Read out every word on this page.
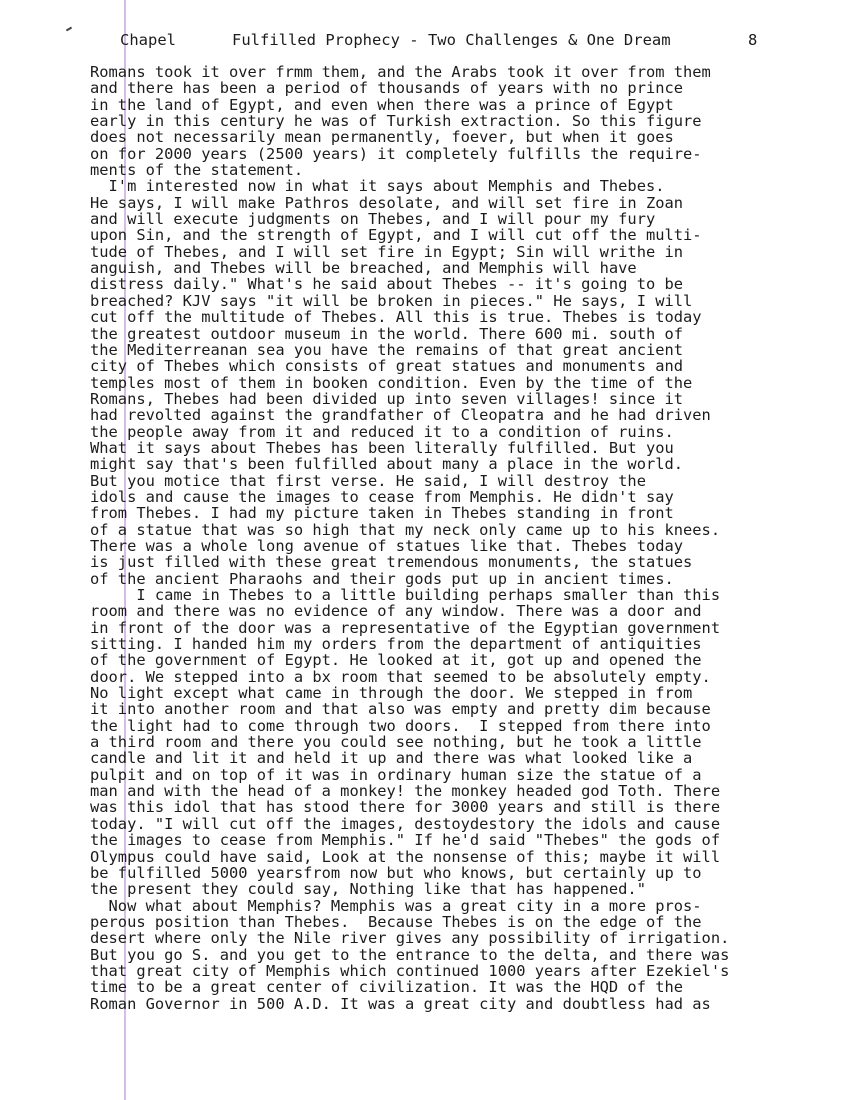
Chapel

	Fulfilled Prophecy - Two Challenges & One Dream

	8

Romans took it over frmm them, and the Arabs took it over from them
and there has been a period of thousands of years with no prince
in the land of Egypt, and even when there was a prince of Egypt
early in this century he was of Turkish extraction. So this figure
does not necessarily mean permanently, foever, but when it goes
on for 2000 years (2500 years) it completely fulfills the require-
ments of the statement.
I'm interested now in what it says about Memphis and Thebes.
He says, I will make Pathros desolate, and will set fire in Zoan
and will execute judgments on Thebes, and I will pour my fury
upon Sin, and the strength of Egypt, and I will cut off the multi-
tude of Thebes, and I will set fire in Egypt; Sin will writhe in
anguish, and Thebes will be breached, and Memphis will have
distress daily." What's he said about Thebes -- it's going to be
breached? KJV says "it will be broken in pieces." He says, I will
cut off the multitude of Thebes. All this is true. Thebes is today
the greatest outdoor museum in the world. There 600 mi. south of
the Mediterreanan sea you have the remains of that great ancient
city of Thebes which consists of great statues and monuments and
temples most of them in booken condition. Even by the time of the
Romans, Thebes had been divided up into seven villages! since it
had revolted against the grandfather of Cleopatra and he had driven
the people away from it and reduced it to a condition of ruins.
What it says about Thebes has been literally fulfilled. But you
might say that's been fulfilled about many a place in the world.
But you motice that first verse. He said, I will destroy the
idols and cause the images to cease from Memphis. He didn't say
from Thebes. I had my picture taken in Thebes standing in front
of a statue that was so high that my neck only came up to his knees.
There was a whole long avenue of statues like that. Thebes today
is just filled with these great tremendous monuments, the statues
of the ancient Pharaohs and their gods put up in ancient times.
I came in Thebes to a little building perhaps smaller than this
room and there was no evidence of any window. There was a door and
in front of the door was a representative of the Egyptian government
sitting. I handed him my orders from the department of antiquities
of the government of Egypt. He looked at it, got up and opened the
door. We stepped into a bx room that seemed to be absolutely empty.
No light except what came in through the door. We stepped in from
it into another room and that also was empty and pretty dim because
the light had to come through two doors.  I stepped from there into
a third room and there you could see nothing, but he took a little
candle and lit it and held it up and there was what looked like a
pulpit and on top of it was in ordinary human size the statue of a
man and with the head of a monkey! the monkey headed god Toth. There
was this idol that has stood there for 3000 years and still is there
today. "I will cut off the images, destoydestory the idols and cause
the images to cease from Memphis." If he'd said "Thebes" the gods of
Olympus could have said, Look at the nonsense of this; maybe it will
be fulfilled 5000 yearsfrom now but who knows, but certainly up to
the present they could say, Nothing like that has happened."
Now what about Memphis? Memphis was a great city in a more pros-
perous position than Thebes.  Because Thebes is on the edge of the
desert where only the Nile river gives any possibility of irrigation.
But you go S. and you get to the entrance to the delta, and there was
that great city of Memphis which continued 1000 years after Ezekiel's
time to be a great center of civilization. It was the HQD of the
Roman Governor in 500 A.D. It was a great city and doubtless had as
